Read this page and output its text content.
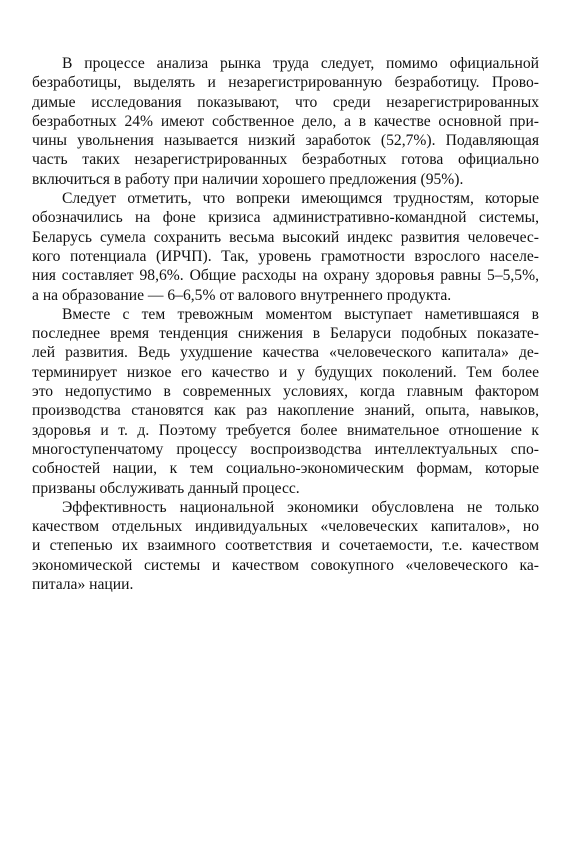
В процессе анализа рынка труда следует, помимо официальной
безработицы, выделять и незарегистрированную безработицу. Прово-
димые исследования показывают, что среди незарегистрированных
безработных 24% имеют собственное дело, а в качестве основной при-
чины увольнения называется низкий заработок (52,7%). Подавляющая
часть таких незарегистрированных безработных готова официально
включиться в работу при наличии хорошего предложения (95%).
Следует отметить, что вопреки имеющимся трудностям, которые
обозначились на фоне кризиса административно-командной системы,
Беларусь сумела сохранить весьма высокий индекс развития человечес-
кого потенциала (ИРЧП). Так, уровень грамотности взрослого населе-
ния составляет 98,6%. Общие расходы на охрану здоровья равны 5–5,5%,
а на образование — 6–6,5% от валового внутреннего продукта.
Вместе с тем тревожным моментом выступает наметившаяся в
последнее время тенденция снижения в Беларуси подобных показате-
лей развития. Ведь ухудшение качества «человеческого капитала» де-
терминирует низкое его качество и у будущих поколений. Тем более
это недопустимо в современных условиях, когда главным фактором
производства становятся как раз накопление знаний, опыта, навыков,
здоровья и т. д. Поэтому требуется более внимательное отношение к
многоступенчатому процессу воспроизводства интеллектуальных спо-
собностей нации, к тем социально-экономическим формам, которые
призваны обслуживать данный процесс.
Эффективность национальной экономики обусловлена не только
качеством отдельных индивидуальных «человеческих капиталов», но
и степенью их взаимного соответствия и сочетаемости, т.е. качеством
экономической системы и качеством совокупного «человеческого ка-
питала» нации.
